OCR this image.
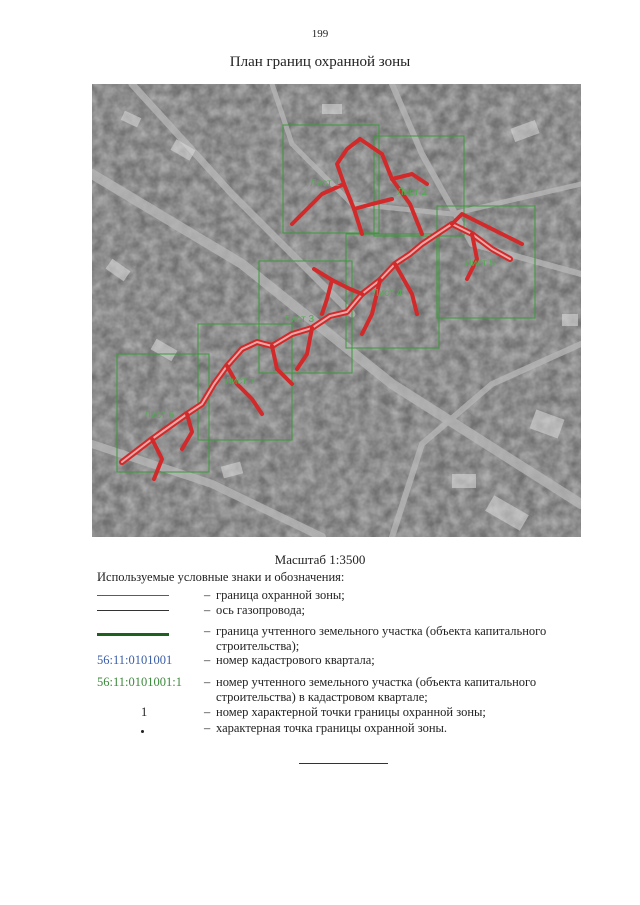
199
План границ охранной зоны
Лист 1
Лист 2
Лист 3
Лист 4
Лист 5
Лист 6
Лист 7
Масштаб 1:3500
Используемые условные знаки и обозначения:
– граница охранной зоны;
– ось газопровода;
– граница учтенного земельного участка (объекта капитального строительства);
56:11:0101001	– номер кадастрового квартала;
56:11:0101001:1	– номер учтенного земельного участка (объекта капитального строительства) в кадастровом квартале;
1	– номер характерной точки границы охранной зоны;
– характерная точка границы охранной зоны.
